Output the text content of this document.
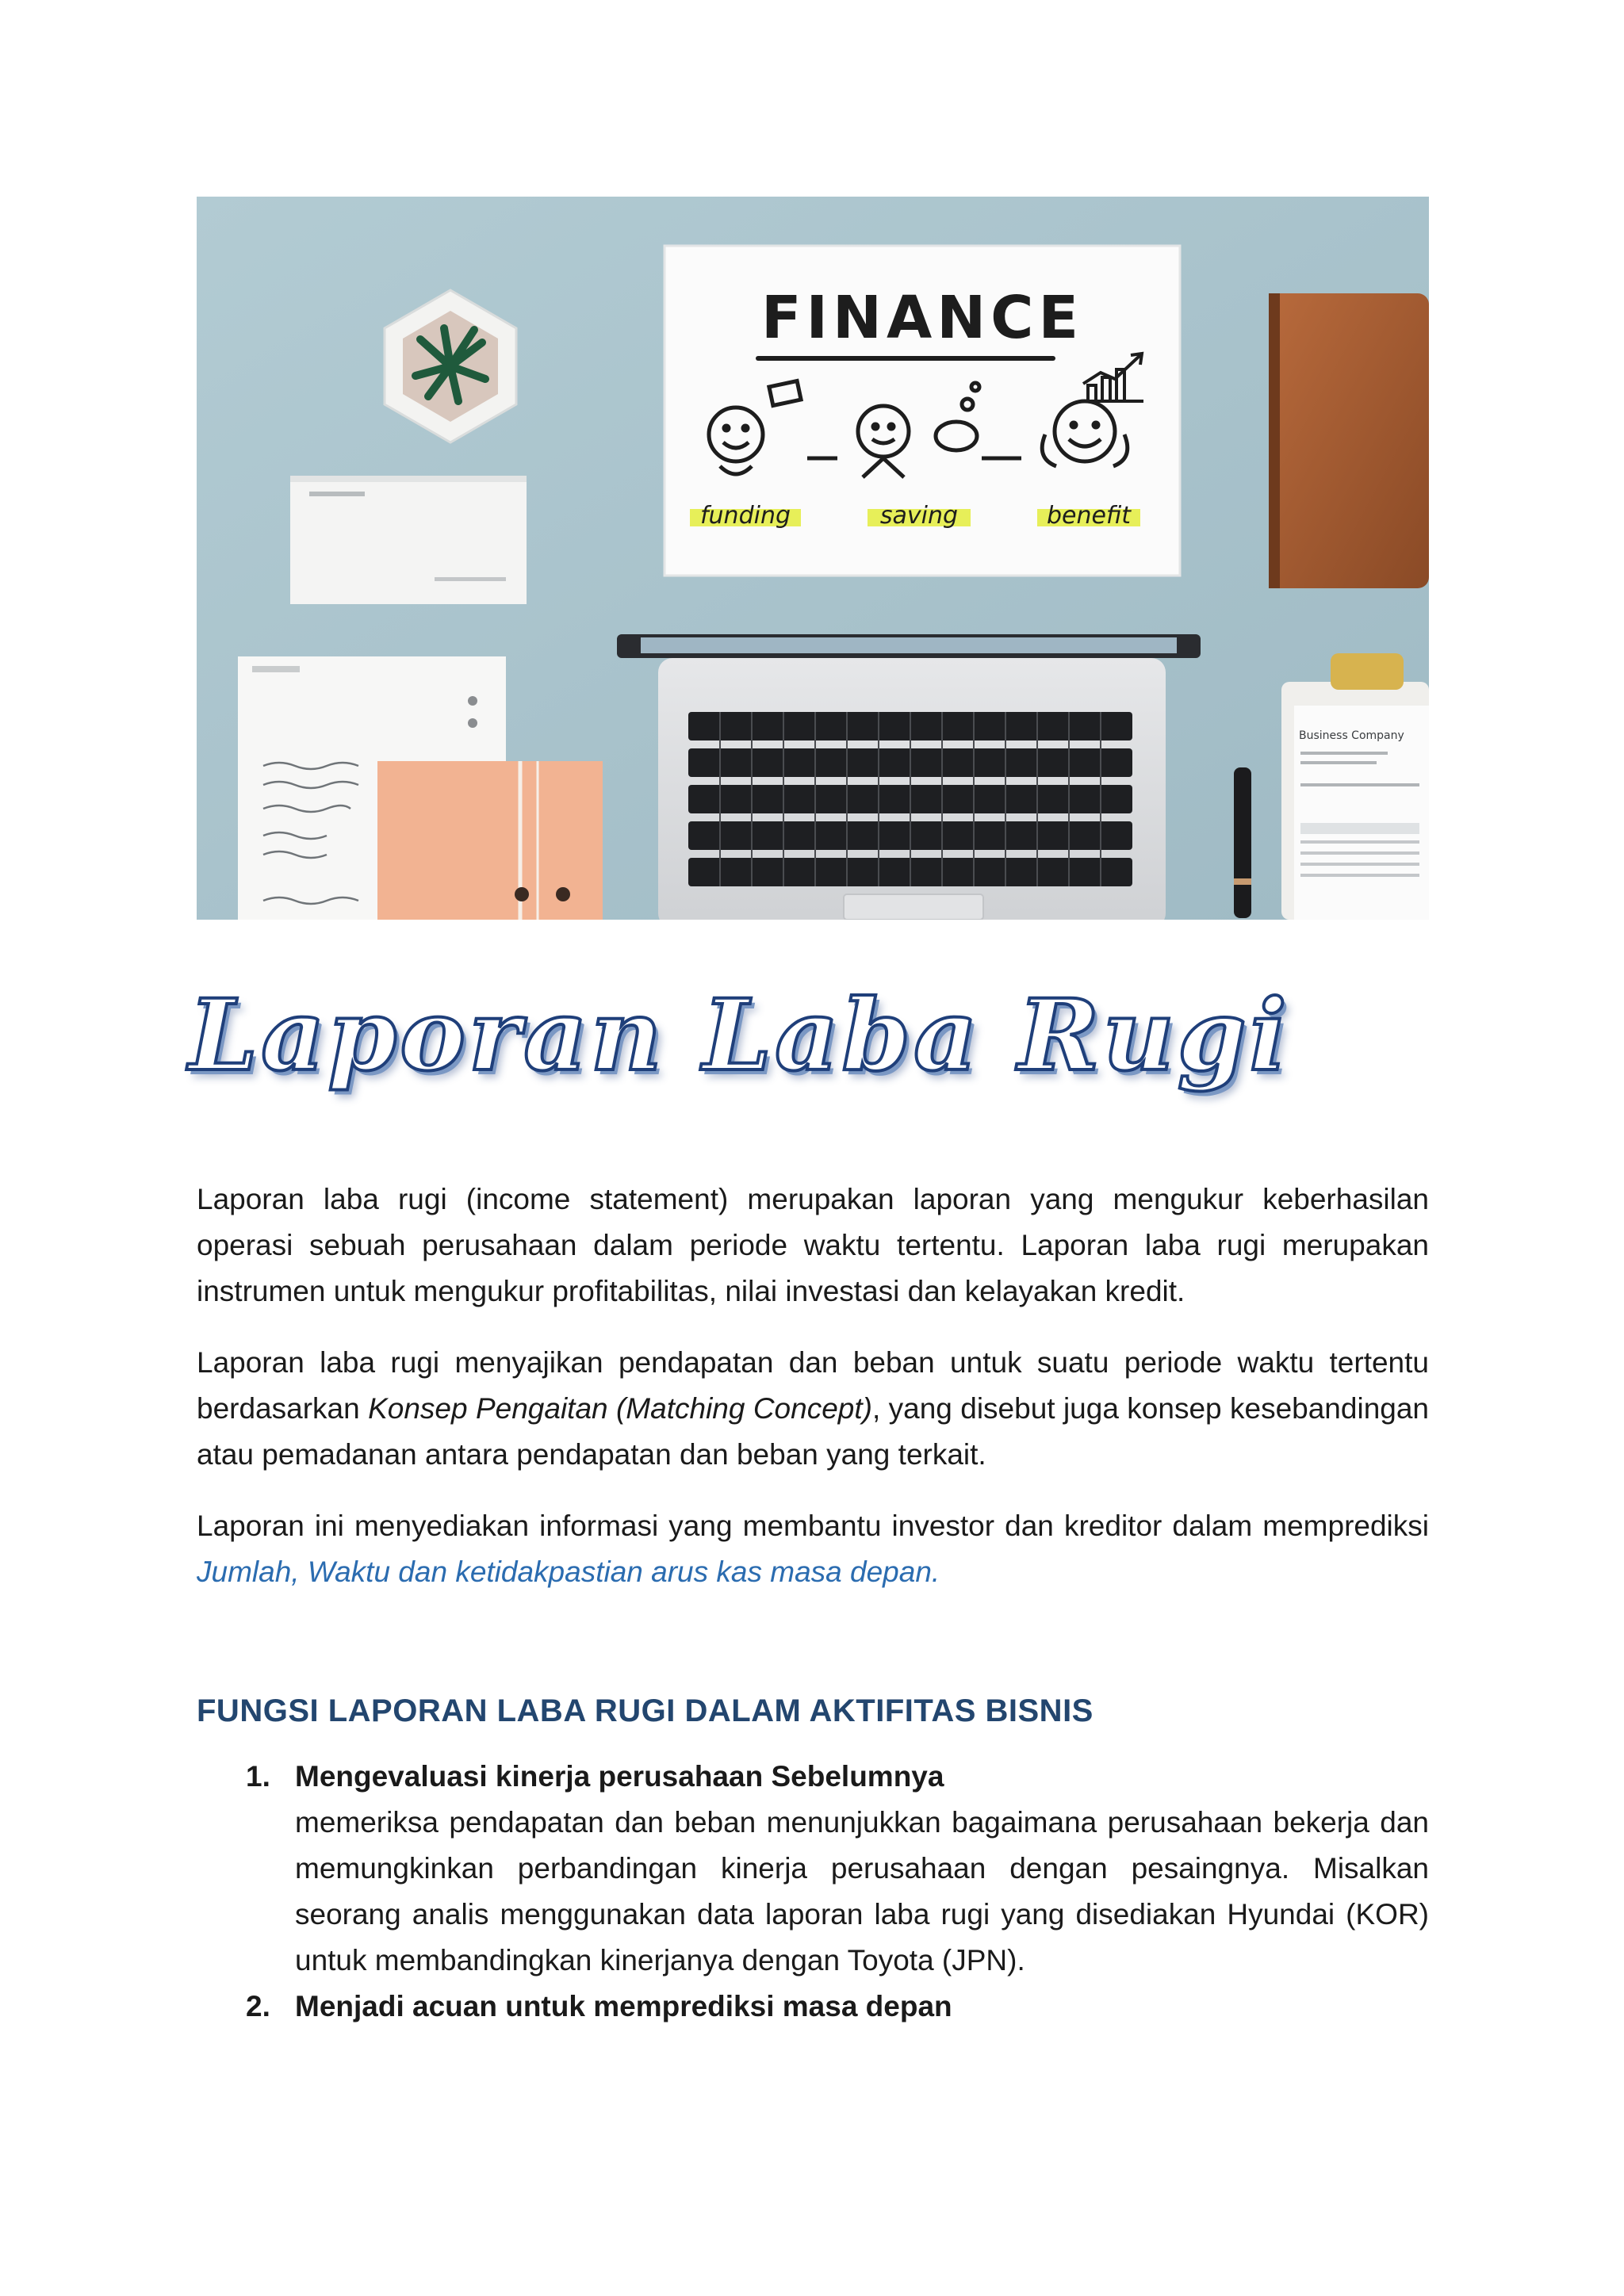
FINANCE
funding	saving	benefit
Business Company
Laporan Laba Rugi

Laporan laba rugi (income statement) merupakan laporan yang mengukur keberhasilan operasi sebuah perusahaan dalam periode waktu tertentu. Laporan laba rugi merupakan instrumen untuk mengukur profitabilitas, nilai investasi dan kelayakan kredit.

Laporan laba rugi menyajikan pendapatan dan beban untuk suatu periode waktu tertentu berdasarkan Konsep Pengaitan (Matching Concept), yang disebut juga konsep kesebandingan atau pemadanan antara pendapatan dan beban yang terkait.

Laporan ini menyediakan informasi yang membantu investor dan kreditor dalam memprediksi Jumlah, Waktu dan ketidakpastian arus kas masa depan.

FUNGSI LAPORAN LABA RUGI DALAM AKTIFITAS BISNIS
1. Mengevaluasi kinerja perusahaan Sebelumnya
memeriksa pendapatan dan beban menunjukkan bagaimana perusahaan bekerja dan memungkinkan perbandingan kinerja perusahaan dengan pesaingnya. Misalkan seorang analis menggunakan data laporan laba rugi yang disediakan Hyundai (KOR) untuk membandingkan kinerjanya dengan Toyota (JPN).
2. Menjadi acuan untuk memprediksi masa depan
